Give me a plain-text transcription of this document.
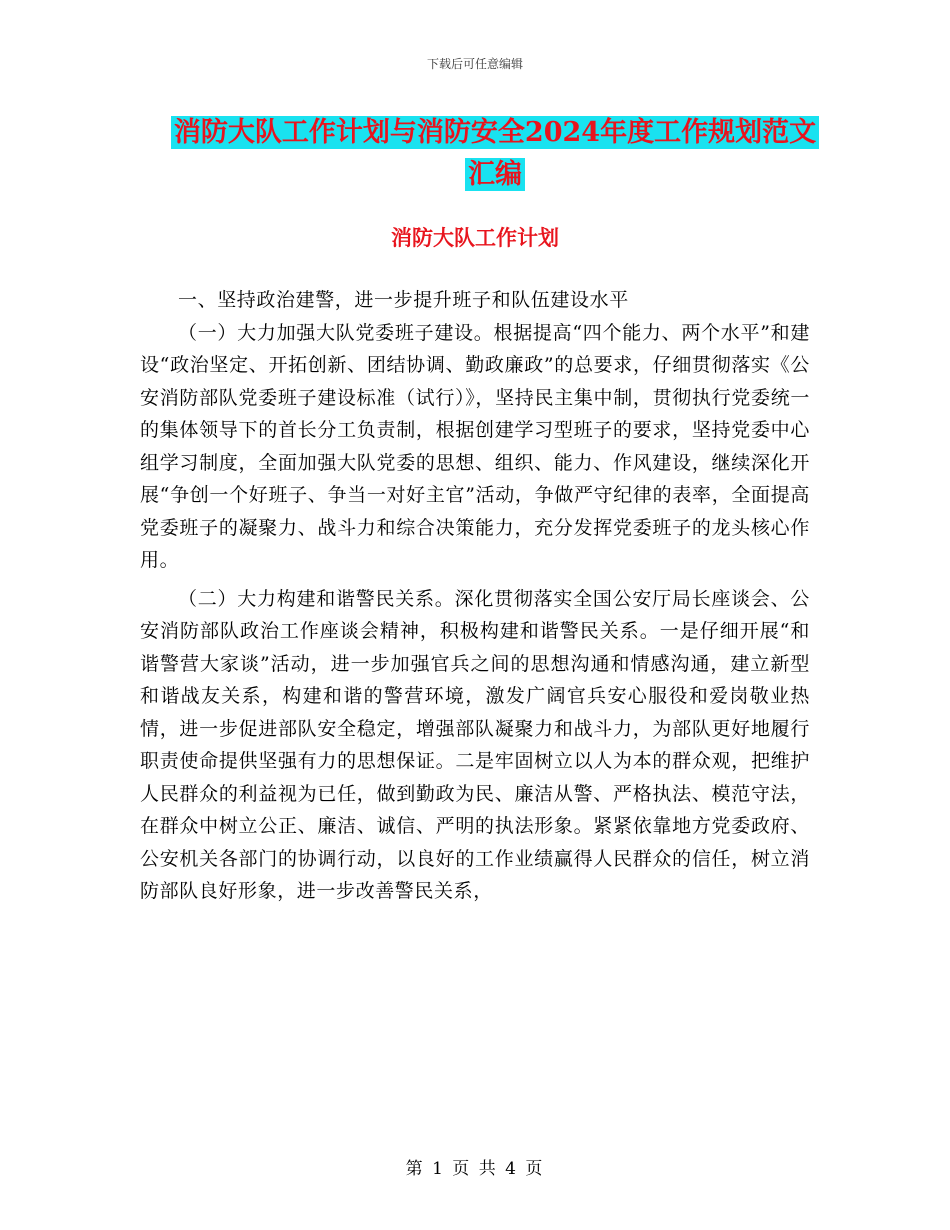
下载后可任意编辑
消防大队工作计划与消防安全2024年度工作规划范文
汇编
消防大队工作计划

一、坚持政治建警，进一步提升班子和队伍建设水平

（一）大力加强大队党委班子建设。根据提高“四个能力、两个水平”和建设“政治坚定、开拓创新、团结协调、勤政廉政”的总要求，仔细贯彻落实《公安消防部队党委班子建设标准（试行）》，坚持民主集中制，贯彻执行党委统一的集体领导下的首长分工负责制，根据创建学习型班子的要求，坚持党委中心组学习制度，全面加强大队党委的思想、组织、能力、作风建设，继续深化开展“争创一个好班子、争当一对好主官”活动，争做严守纪律的表率，全面提高党委班子的凝聚力、战斗力和综合决策能力，充分发挥党委班子的龙头核心作用。

（二）大力构建和谐警民关系。深化贯彻落实全国公安厅局长座谈会、公安消防部队政治工作座谈会精神，积极构建和谐警民关系。一是仔细开展“和谐警营大家谈”活动，进一步加强官兵之间的思想沟通和情感沟通，建立新型和谐战友关系，构建和谐的警营环境，激发广阔官兵安心服役和爱岗敬业热情，进一步促进部队安全稳定，增强部队凝聚力和战斗力，为部队更好地履行职责使命提供坚强有力的思想保证。二是牢固树立以人为本的群众观，把维护人民群众的利益视为已任，做到勤政为民、廉洁从警、严格执法、模范守法，在群众中树立公正、廉洁、诚信、严明的执法形象。紧紧依靠地方党委政府、公安机关各部门的协调行动，以良好的工作业绩赢得人民群众的信任，树立消防部队良好形象，进一步改善警民关系，

第 1 页 共 4 页
